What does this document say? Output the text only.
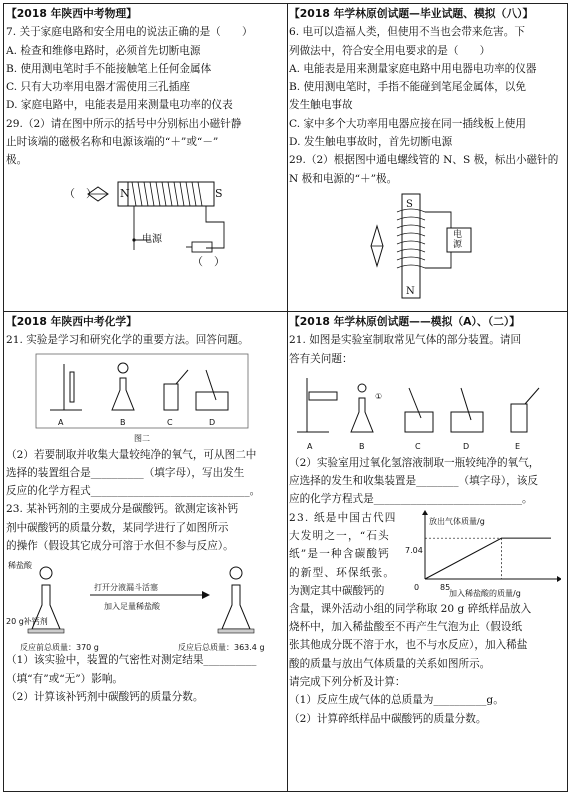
【2018 年陕西中考物理】

7. 关于家庭电路和安全用电的说法正确的是（　　）

A. 检查和维修电路时，必须首先切断电源

B. 使用测电笔时手不能接触笔上任何金属体

C. 只有大功率用电器才需使用三孔插座

D. 家庭电路中，电能表是用来测量电功率的仪表

29.（2）请在图中所示的括号中分别标出小磁针静

止时该端的磁极名称和电源该端的“＋”或“－”

极。

N	S
（　）
电源
（　）

【2018 年学林原创试题—毕业试题、模拟（八）】

6. 电可以造福人类，但使用不当也会带来危害。下

列做法中，符合安全用电要求的是（　　）

A. 电能表是用来测量家庭电路中用电器电功率的仪器

B. 使用测电笔时，手指不能碰到笔尾金属体，以免

发生触电事故

C. 家中多个大功率用电器应接在同一插线板上使用

D. 发生触电事故时，首先切断电源

29.（2）根据图中通电螺线管的 N、S 极，标出小磁针的

N 极和电源的“＋”极。

S
N
电源

【2018 年陕西中考化学】

21. 实验是学习和研究化学的重要方法。回答问题。

A	B	C	D
图二

（2）若要制取并收集大量较纯净的氧气，可从图二中

选择的装置组合是__________（填字母），写出发生

反应的化学方程式______________________________。

23. 某补钙剂的主要成分是碳酸钙。欲测定该补钙

剂中碳酸钙的质量分数，某同学进行了如图所示

的操作（假设其它成分可溶于水但不参与反应）。

稀盐酸
打开分液漏斗活塞
加入足量稀盐酸
20 g补钙剂
反应前总质量：370 g	反应后总质量：363.4 g

（1）该实验中，装置的气密性对测定结果__________

（填“有”或“无”）影响。

（2）计算该补钙剂中碳酸钙的质量分数。

【2018 年学林原创试题——模拟（A）、（二）】

21. 如图是实验室制取常见气体的部分装置。请回

答有关问题：

A
①
B	C	D	E

（2）实验室用过氧化氢溶液制取一瓶较纯净的氧气，

应选择的发生和收集装置是________（填字母），该反

应的化学方程式是____________________________。

23. 纸是中国古代四

大发明之一，“石头

纸”是一种含碳酸钙

的新型、环保纸张。

为测定其中碳酸钙的

放出气体质量/g
加入稀盐酸的质量/g
7.04
0	85

含量，课外活动小组的同学称取 20 g 碎纸样品放入

烧杯中，加入稀盐酸至不再产生气泡为止（假设纸

张其他成分既不溶于水，也不与水反应），加入稀盐

酸的质量与放出气体质量的关系如图所示。

请完成下列分析及计算：

（1）反应生成气体的总质量为__________g。

（2）计算碎纸样品中碳酸钙的质量分数。
